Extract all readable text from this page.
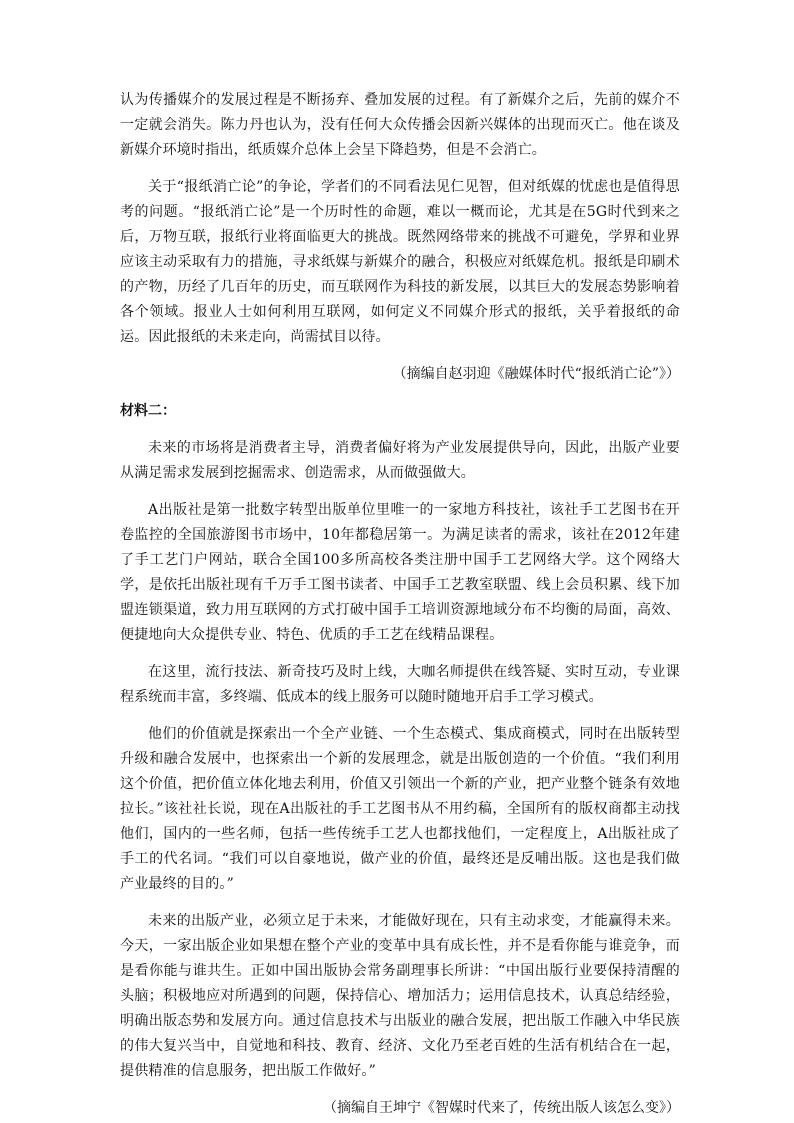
认为传播媒介的发展过程是不断扬弃、叠加发展的过程。有了新媒介之后，先前的媒介不一定就会消失。陈力丹也认为，没有任何大众传播会因新兴媒体的出现而灭亡。他在谈及新媒介环境时指出，纸质媒介总体上会呈下降趋势，但是不会消亡。

关于“报纸消亡论”的争论，学者们的不同看法见仁见智，但对纸媒的忧虑也是值得思考的问题。“报纸消亡论”是一个历时性的命题，难以一概而论，尤其是在5G时代到来之后，万物互联，报纸行业将面临更大的挑战。既然网络带来的挑战不可避免，学界和业界应该主动采取有力的措施，寻求纸媒与新媒介的融合，积极应对纸媒危机。报纸是印刷术的产物，历经了几百年的历史，而互联网作为科技的新发展，以其巨大的发展态势影响着各个领域。报业人士如何利用互联网，如何定义不同媒介形式的报纸，关乎着报纸的命运。因此报纸的未来走向，尚需拭目以待。

（摘编自赵羽迎《融媒体时代“报纸消亡论”》）

材料二：

未来的市场将是消费者主导，消费者偏好将为产业发展提供导向，因此，出版产业要从满足需求发展到挖掘需求、创造需求，从而做强做大。

A出版社是第一批数字转型出版单位里唯一的一家地方科技社，该社手工艺图书在开卷监控的全国旅游图书市场中，10年都稳居第一。为满足读者的需求，该社在2012年建了手工艺门户网站，联合全国100多所高校各类注册中国手工艺网络大学。这个网络大学，是依托出版社现有千万手工图书读者、中国手工艺教室联盟、线上会员积累、线下加盟连锁渠道，致力用互联网的方式打破中国手工培训资源地域分布不均衡的局面，高效、便捷地向大众提供专业、特色、优质的手工艺在线精品课程。

在这里，流行技法、新奇技巧及时上线，大咖名师提供在线答疑、实时互动，专业课程系统而丰富，多终端、低成本的线上服务可以随时随地开启手工学习模式。

他们的价值就是探索出一个全产业链、一个生态模式、集成商模式，同时在出版转型升级和融合发展中，也探索出一个新的发展理念，就是出版创造的一个价值。“我们利用这个价值，把价值立体化地去利用，价值又引领出一个新的产业，把产业整个链条有效地拉长。”该社社长说，现在A出版社的手工艺图书从不用约稿，全国所有的版权商都主动找他们，国内的一些名师，包括一些传统手工艺人也都找他们，一定程度上，A出版社成了手工的代名词。“我们可以自豪地说，做产业的价值，最终还是反哺出版。这也是我们做产业最终的目的。”

未来的出版产业，必须立足于未来，才能做好现在，只有主动求变，才能赢得未来。今天，一家出版企业如果想在整个产业的变革中具有成长性，并不是看你能与谁竞争，而是看你能与谁共生。正如中国出版协会常务副理事长所讲：“中国出版行业要保持清醒的头脑；积极地应对所遇到的问题，保持信心、增加活力；运用信息技术，认真总结经验，明确出版态势和发展方向。通过信息技术与出版业的融合发展，把出版工作融入中华民族的伟大复兴当中，自觉地和科技、教育、经济、文化乃至老百姓的生活有机结合在一起，提供精准的信息服务，把出版工作做好。”

（摘编自王坤宁《智媒时代来了，传统出版人该怎么变》）
